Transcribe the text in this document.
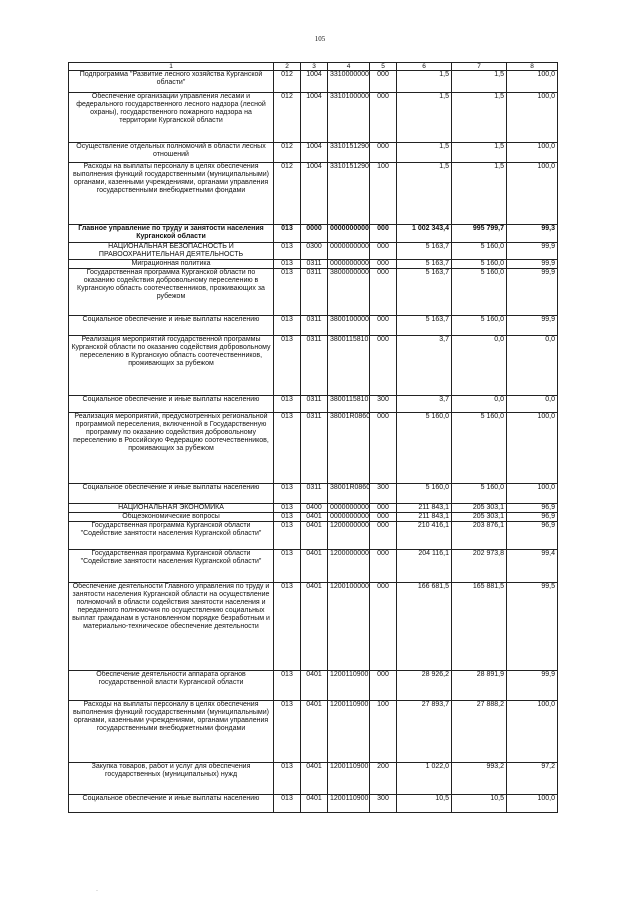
105
1	2	3	4	5	6	7	8
Подпрограмма "Развитие лесного хозяйства Курганской области"	012	1004	3310000000	000	1,5	1,5	100,0
Обеспечение организации управления лесами и федерального государственного лесного надзора (лесной охраны), государственного пожарного надзора на территории Курганской области	012	1004	3310100000	000	1,5	1,5	100,0
Осуществление отдельных полномочий в области лесных отношений	012	1004	3310151290	000	1,5	1,5	100,0
Расходы на выплаты персоналу в целях обеспечения выполнения функций государственными (муниципальными) органами, казенными учреждениями, органами управления государственными внебюджетными фондами	012	1004	3310151290	100	1,5	1,5	100,0
Главное управление по труду и занятости населения Курганской области	013	0000	0000000000	000	1 002 343,4	995 799,7	99,3
НАЦИОНАЛЬНАЯ БЕЗОПАСНОСТЬ И ПРАВООХРАНИТЕЛЬНАЯ ДЕЯТЕЛЬНОСТЬ	013	0300	0000000000	000	5 163,7	5 160,0	99,9
Миграционная политика	013	0311	0000000000	000	5 163,7	5 160,0	99,9
Государственная программа Курганской области по оказанию содействия добровольному переселению в Курганскую область соотечественников, проживающих за рубежом	013	0311	3800000000	000	5 163,7	5 160,0	99,9
Социальное обеспечение и иные выплаты населению	013	0311	3800100000	000	5 163,7	5 160,0	99,9
Реализация мероприятий государственной программы Курганской области по оказанию содействия добровольному переселению в Курганскую область соотечественников, проживающих за рубежом	013	0311	3800115810	000	3,7	0,0	0,0
Социальное обеспечение и иные выплаты населению	013	0311	3800115810	300	3,7	0,0	0,0
Реализация мероприятий, предусмотренных региональной программой переселения, включенной в Государственную программу по оказанию содействия добровольному переселению в Российскую Федерацию соотечественников, проживающих за рубежом	013	0311	38001R0860	000	5 160,0	5 160,0	100,0
Социальное обеспечение и иные выплаты населению	013	0311	38001R0860	300	5 160,0	5 160,0	100,0
НАЦИОНАЛЬНАЯ ЭКОНОМИКА	013	0400	0000000000	000	211 843,1	205 303,1	96,9
Общеэкономические вопросы	013	0401	0000000000	000	211 843,1	205 303,1	96,9
Государственная программа Курганской области "Содействие занятости населения Курганской области"	013	0401	1200000000	000	210 416,1	203 876,1	96,9
Государственная программа Курганской области "Содействие занятости населения Курганской области"	013	0401	1200000000	000	204 116,1	202 973,8	99,4
Обеспечение деятельности Главного управления по труду и занятости населения Курганской области на осуществление полномочий в области содействия занятости населения и переданного полномочия по осуществлению социальных выплат гражданам в установленном порядке безработным и материально-техническое обеспечение деятельности	013	0401	1200100000	000	166 681,5	165 881,5	99,5
Обеспечение деятельности аппарата органов государственной власти Курганской области	013	0401	1200110900	000	28 926,2	28 891,9	99,9
Расходы на выплаты персоналу в целях обеспечения выполнения функций государственными (муниципальными) органами, казенными учреждениями, органами управления государственными внебюджетными фондами	013	0401	1200110900	100	27 893,7	27 888,2	100,0
Закупка товаров, работ и услуг для обеспечения государственных (муниципальных) нужд	013	0401	1200110900	200	1 022,0	993,2	97,2
Социальное обеспечение и иные выплаты населению	013	0401	1200110900	300	10,5	10,5	100,0
·
